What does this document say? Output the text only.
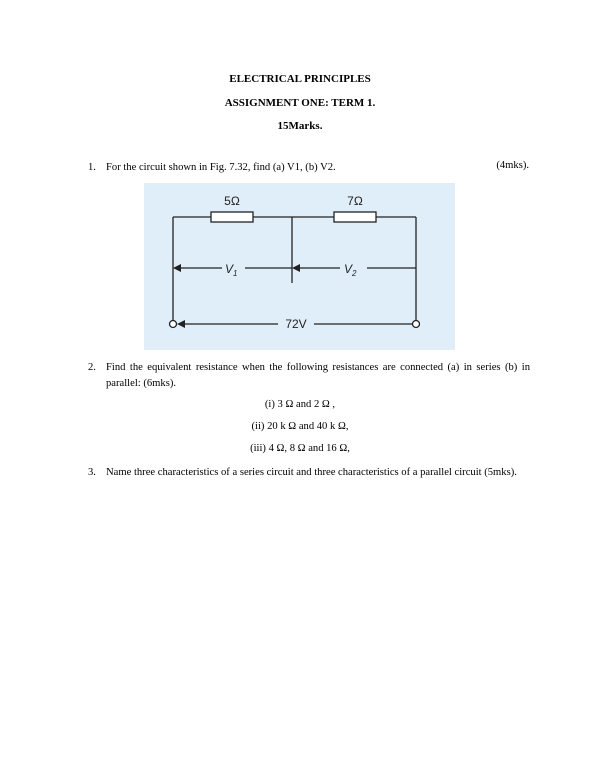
ELECTRICAL PRINCIPLES
ASSIGNMENT ONE: TERM 1.
15Marks.
1. For the circuit shown in Fig. 7.32, find (a) V1, (b) V2.	(4mks).
5Ω	7Ω
$V_1$	$V_2$
72V
2. Find the equivalent resistance when the following resistances are connected (a) in series (b) in parallel: (6mks).
(i) 3 Ω and 2 Ω ,
(ii) 20 k Ω and 40 k Ω,
(iii) 4 Ω, 8 Ω and 16 Ω,
3. Name three characteristics of a series circuit and three characteristics of a parallel circuit (5mks).
